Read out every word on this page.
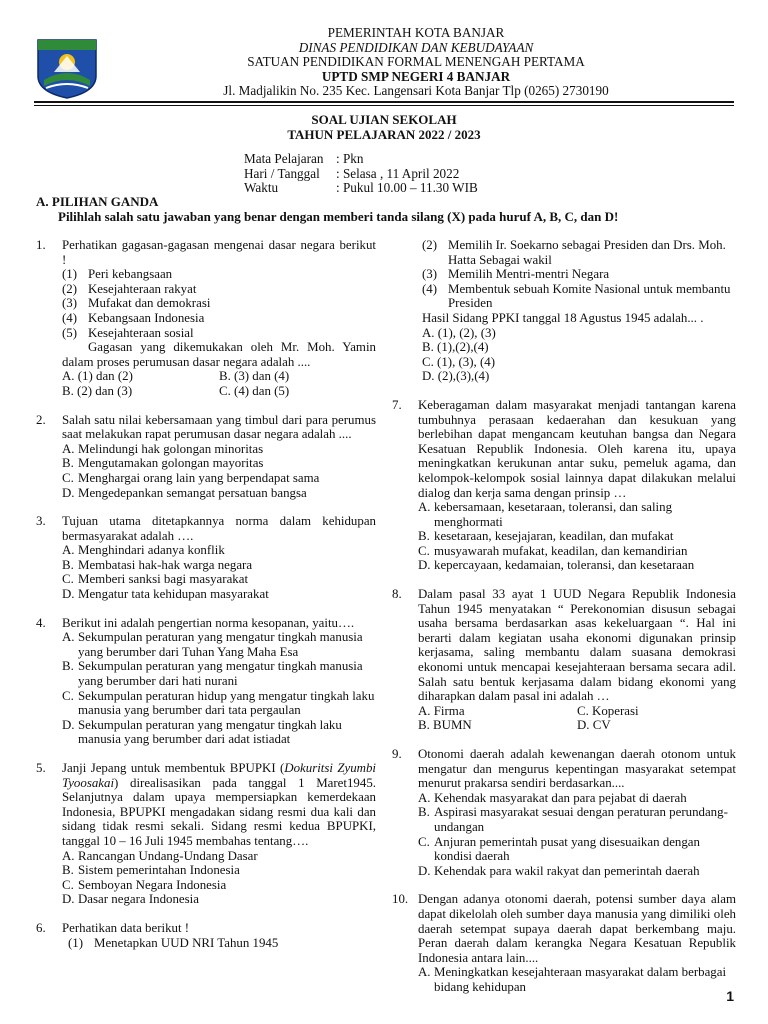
PEMERINTAH KOTA BANJAR
DINAS PENDIDIKAN DAN KEBUDAYAAN
SATUAN PENDIDIKAN FORMAL MENENGAH PERTAMA
UPTD SMP NEGERI 4 BANJAR
Jl. Madjalikin No. 235 Kec. Langensari Kota Banjar Tlp (0265) 2730190
SOAL UJIAN SEKOLAH
TAHUN PELAJARAN 2022 / 2023
Mata Pelajaran : Pkn
Hari / Tanggal	: Selasa , 11 April 2022
Waktu	: Pukul 10.00 – 11.30 WIB
A. PILIHAN GANDA
Pilihlah salah satu jawaban yang benar dengan memberi tanda silang (X) pada huruf A, B, C, dan D!
1. Perhatikan gagasan-gagasan mengenai dasar negara berikut !

(1) Peri kebangsaan
(2) Kesejahteraan rakyat
(3) Mufakat dan demokrasi
(4) Kebangsaan Indonesia
(5) Kesejahteraan sosial

Gagasan yang dikemukakan oleh Mr. Moh. Yamin dalam proses perumusan dasar negara adalah ....

A. (1) dan (2)	B. (3) dan (4)
B. (2) dan (3)	C. (4) dan (5)
2. Salah satu nilai kebersamaan yang timbul dari para perumus saat melakukan rapat perumusan dasar negara adalah ....

A. Melindungi hak golongan minoritas
B. Mengutamakan golongan mayoritas
C. Menghargai orang lain yang berpendapat sama
D. Mengedepankan semangat persatuan bangsa
3. Tujuan utama ditetapkannya norma dalam kehidupan bermasyarakat adalah ….

A. Menghindari adanya konflik
B. Membatasi hak-hak warga negara
C. Memberi sanksi bagi masyarakat
D. Mengatur tata kehidupan masyarakat
4. Berikut ini adalah pengertian norma kesopanan, yaitu….

A. Sekumpulan peraturan yang mengatur tingkah manusia yang berumber dari Tuhan Yang Maha Esa
B. Sekumpulan peraturan yang mengatur tingkah manusia yang berumber dari hati nurani
C. Sekumpulan peraturan hidup yang mengatur tingkah laku manusia yang berumber dari tata pergaulan
D. Sekumpulan peraturan yang mengatur tingkah laku manusia yang berumber dari adat istiadat
5. Janji Jepang untuk membentuk BPUPKI (Dokuritsi Zyumbi Tyoosakai) direalisasikan pada tanggal 1 Maret1945. Selanjutnya dalam upaya mempersiapkan kemerdekaan Indonesia, BPUPKI mengadakan sidang resmi dua kali dan sidang tidak resmi sekali. Sidang resmi kedua BPUPKI, tanggal 10 – 16 Juli 1945 membahas tentang….

A. Rancangan Undang-Undang Dasar
B. Sistem pemerintahan Indonesia
C. Semboyan Negara Indonesia
D. Dasar negara Indonesia
6. Perhatikan data berikut !

(1) Menetapkan UUD NRI Tahun 1945
(2) Memilih Ir. Soekarno sebagai Presiden dan Drs. Moh. Hatta Sebagai wakil
(3) Memilih Mentri-mentri Negara
(4) Membentuk sebuah Komite Nasional untuk membantu Presiden

Hasil Sidang PPKI tanggal 18 Agustus 1945 adalah... .

A. (1), (2), (3)
B. (1),(2),(4)
C. (1), (3), (4)
D. (2),(3),(4)
7. Keberagaman dalam masyarakat menjadi tantangan karena tumbuhnya perasaan kedaerahan dan kesukuan yang berlebihan dapat mengancam keutuhan bangsa dan Negara Kesatuan Republik Indonesia. Oleh karena itu, upaya meningkatkan kerukunan antar suku, pemeluk agama, dan kelompok-kelompok sosial lainnya dapat dilakukan melalui dialog dan kerja sama dengan prinsip …

A. kebersamaan, kesetaraan, toleransi, dan saling menghormati
B. kesetaraan, kesejajaran, keadilan, dan mufakat
C. musyawarah mufakat, keadilan, dan kemandirian
D. kepercayaan, kedamaian, toleransi, dan kesetaraan
8. Dalam pasal 33 ayat 1 UUD Negara Republik Indonesia Tahun 1945 menyatakan “ Perekonomian disusun sebagai usaha bersama berdasarkan asas kekeluargaan “. Hal ini berarti dalam kegiatan usaha ekonomi digunakan prinsip kerjasama, saling membantu dalam suasana demokrasi ekonomi untuk mencapai kesejahteraan bersama secara adil. Salah satu bentuk kerjasama dalam bidang ekonomi yang diharapkan dalam pasal ini adalah …

A. Firma	C. Koperasi
B. BUMN	D. CV
9. Otonomi daerah adalah kewenangan daerah otonom untuk mengatur dan mengurus kepentingan masyarakat setempat menurut prakarsa sendiri berdasarkan....

A. Kehendak masyarakat dan para pejabat di daerah
B. Aspirasi masyarakat sesuai dengan peraturan perundang-undangan
C. Anjuran pemerintah pusat yang disesuaikan dengan kondisi daerah
D. Kehendak para wakil rakyat dan pemerintah daerah
10. Dengan adanya otonomi daerah, potensi sumber daya alam dapat dikelolah oleh sumber daya manusia yang dimiliki oleh daerah setempat supaya daerah dapat berkembang maju. Peran daerah dalam kerangka Negara Kesatuan Republik Indonesia antara lain....

A. Meningkatkan kesejahteraan masyarakat dalam berbagai bidang kehidupan
1
